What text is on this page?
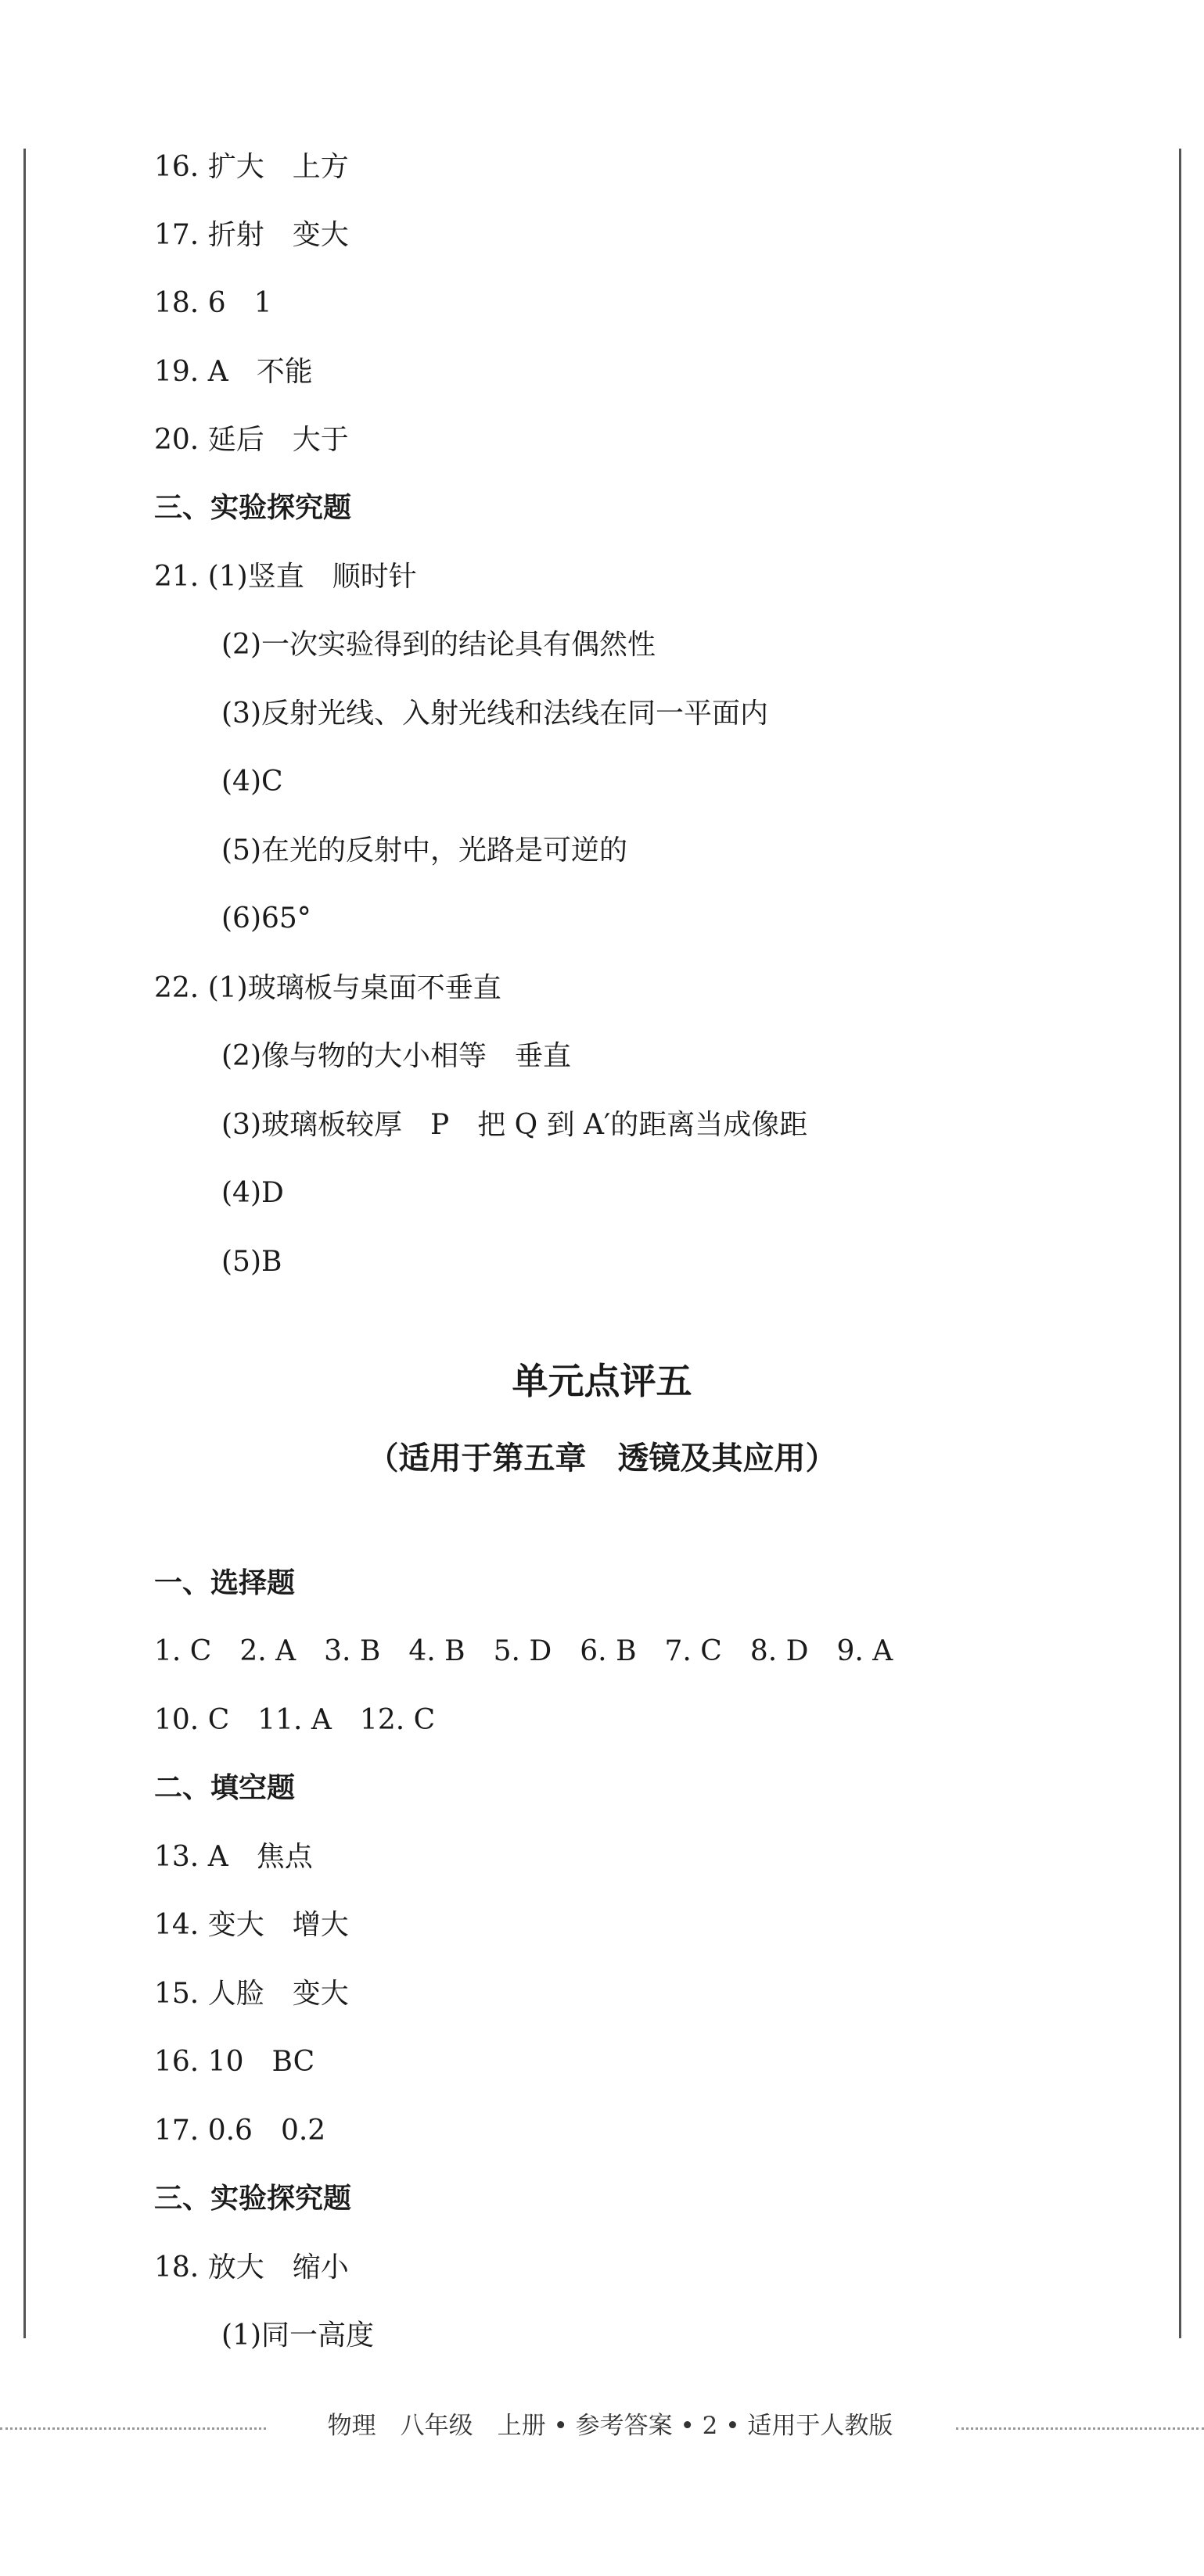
16. 扩大　上方
17. 折射　变大
18. 6　1
19. A　不能
20. 延后　大于
三、实验探究题
21. (1)竖直　顺时针
(2)一次实验得到的结论具有偶然性
(3)反射光线、入射光线和法线在同一平面内
(4)C
(5)在光的反射中，光路是可逆的
(6)65°
22. (1)玻璃板与桌面不垂直
(2)像与物的大小相等　垂直
(3)玻璃板较厚　P　把 Q 到 A′的距离当成像距
(4)D
(5)B
单元点评五
（适用于第五章　透镜及其应用）
一、选择题
1. C　2. A　3. B　4. B　5. D　6. B　7. C　8. D　9. A
10. C　11. A　12. C
二、填空题
13. A　焦点
14. 变大　增大
15. 人脸　变大
16. 10　BC
17. 0.6　0.2
三、实验探究题
18. 放大　缩小
(1)同一高度
物理　八年级　上册 • 参考答案 • 2 • 适用于人教版
